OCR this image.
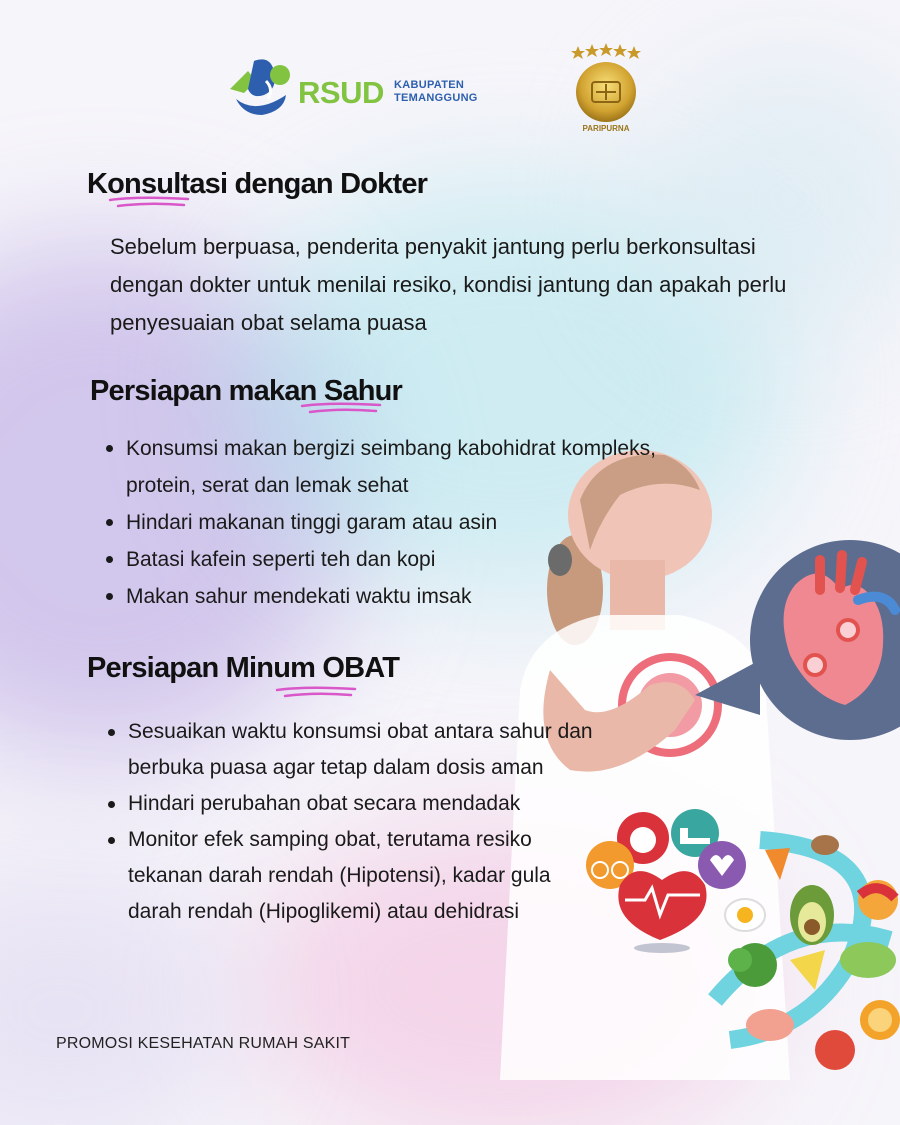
RSUD KABUPATEN
TEMANGGUNG
PARIPURNA
Konsultasi dengan Dokter

Sebelum berpuasa, penderita penyakit jantung perlu berkonsultasi dengan dokter untuk menilai resiko, kondisi jantung dan apakah perlu penyesuaian obat selama puasa

Persiapan makan Sahur
Konsumsi makan bergizi seimbang kabohidrat kompleks, protein, serat dan lemak sehat
Hindari makanan tinggi garam atau asin
Batasi kafein seperti teh dan kopi
Makan sahur mendekati waktu imsak
Persiapan Minum OBAT
Sesuaikan waktu konsumsi obat antara sahur dan berbuka puasa agar tetap dalam dosis aman
Hindari perubahan obat secara mendadak
Monitor efek samping obat, terutama resiko tekanan darah rendah (Hipotensi), kadar gula darah rendah (Hipoglikemi) atau dehidrasi
PROMOSI KESEHATAN RUMAH SAKIT
